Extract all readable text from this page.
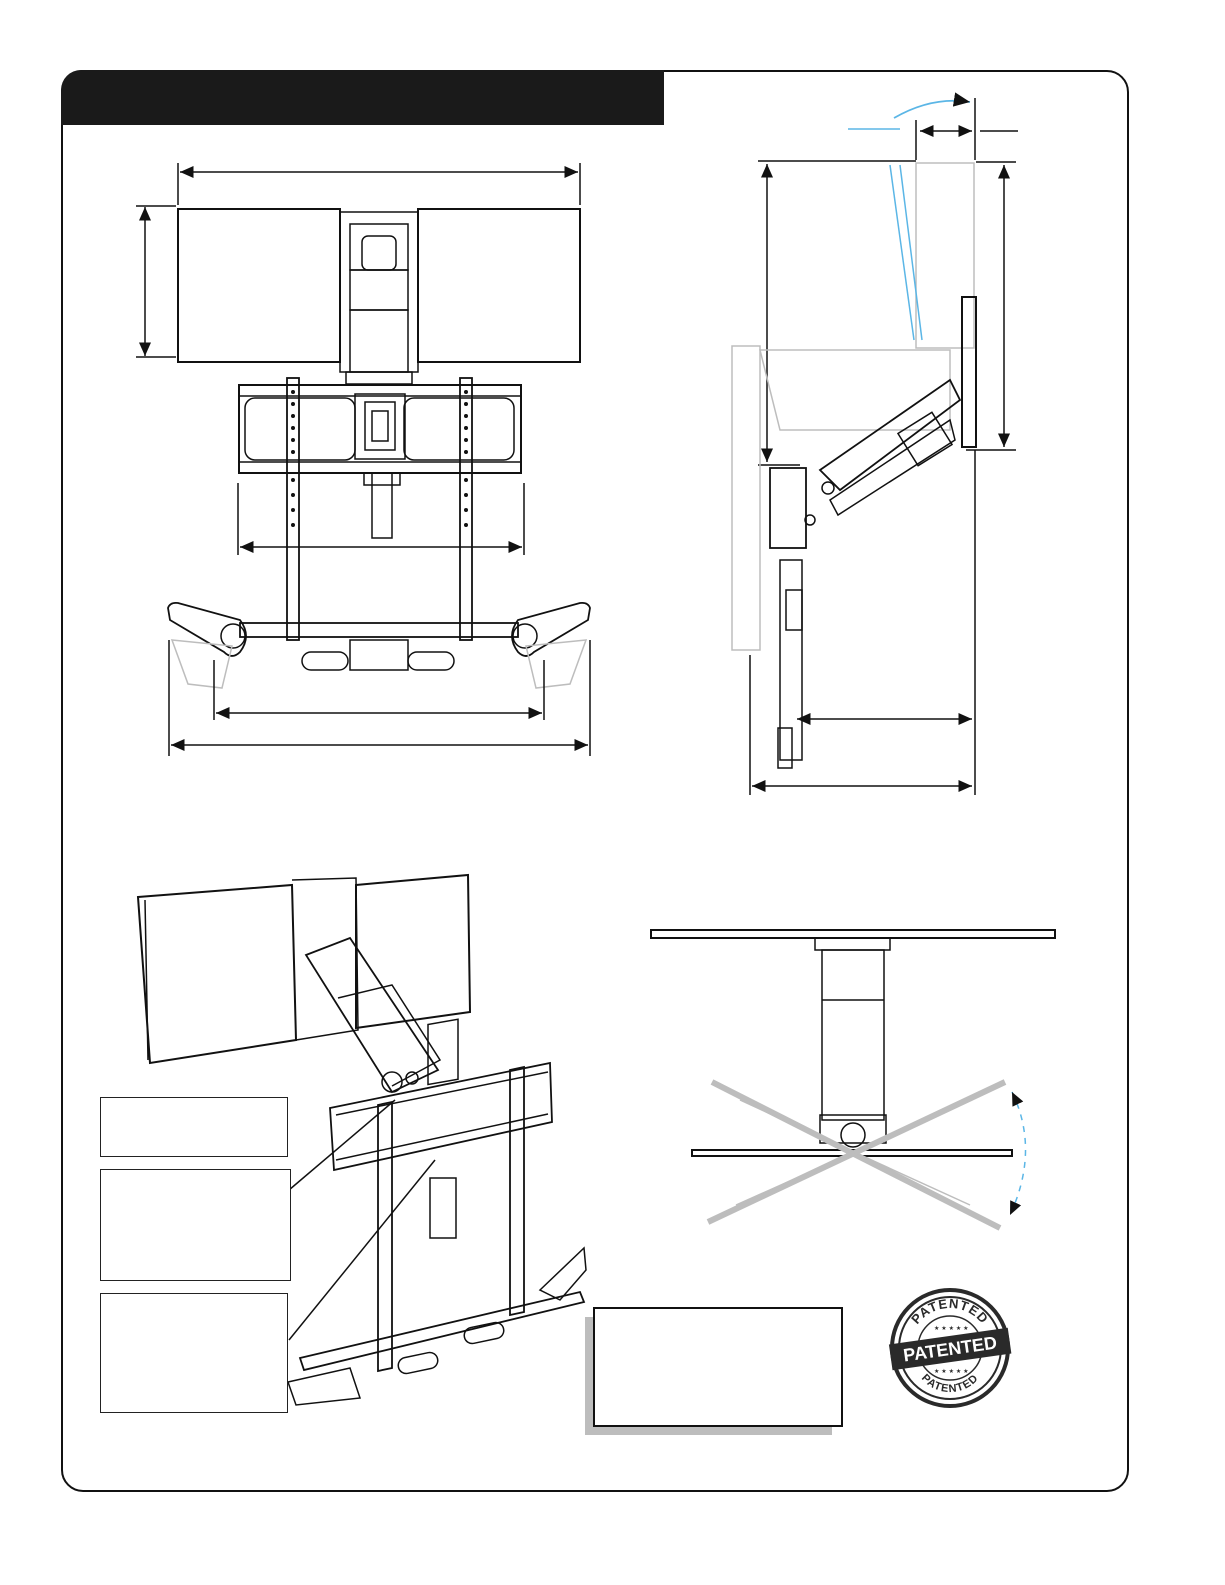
PATENTED
PATENTED
PATENTED
★ ★ ★ ★ ★
★ ★ ★ ★ ★
